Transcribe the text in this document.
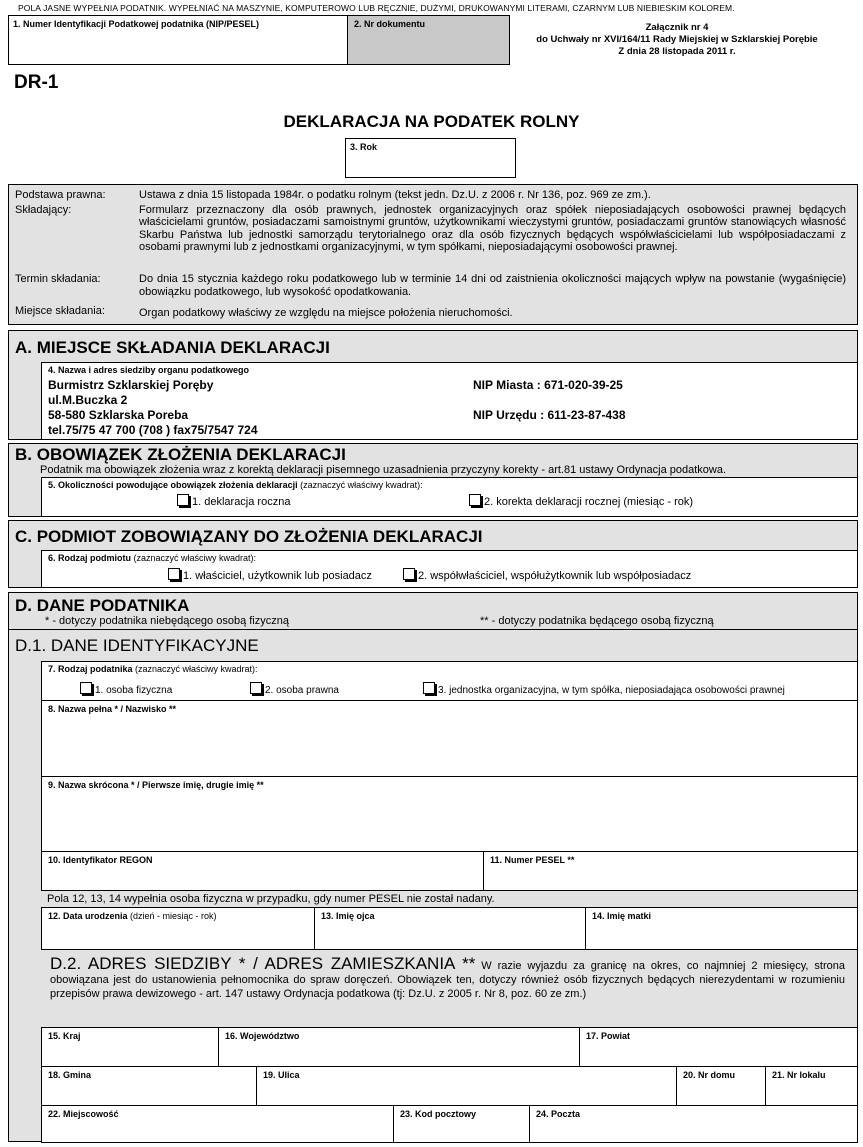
POLA JASNE WYPEŁNIA PODATNIK. WYPEŁNIAĆ NA MASZYNIE, KOMPUTEROWO LUB RĘCZNIE, DUŻYMI, DRUKOWANYMI LITERAMI, CZARNYM LUB NIEBIESKIM KOLOREM.
1. Numer Identyfikacji Podatkowej podatnika (NIP/PESEL)	2. Nr dokumentu	Załącznik nr 4
do Uchwały nr XVI/164/11 Rady Miejskiej w Szklarskiej Porębie
Z dnia 28 listopada 2011 r.
DR-1
DEKLARACJA NA PODATEK ROLNY
3. Rok
Podstawa prawna:	Ustawa z dnia 15 listopada 1984r. o podatku rolnym (tekst jedn. Dz.U. z 2006 r. Nr 136, poz. 969 ze zm.).
Składający:	Formularz przeznaczony dla osób prawnych, jednostek organizacyjnych oraz spółek nieposiadających osobowości prawnej będących właścicielami gruntów, posiadaczami samoistnymi gruntów, użytkownikami wieczystymi gruntów, posiadaczami gruntów stanowiących własność Skarbu Państwa lub jednostki samorządu terytorialnego oraz dla osób fizycznych będących współwłaścicielami lub współposiadaczami z osobami prawnymi lub z jednostkami organizacyjnymi, w tym spółkami, nieposiadającymi osobowości prawnej.
Termin składania:	Do dnia 15 stycznia każdego roku podatkowego lub w terminie 14 dni od zaistnienia okoliczności mających wpływ na powstanie (wygaśnięcie) obowiązku podatkowego, lub wysokość opodatkowania.
Miejsce składania:	Organ podatkowy właściwy ze względu na miejsce położenia nieruchomości.
A. MIEJSCE SKŁADANIA DEKLARACJI
4. Nazwa i adres siedziby organu podatkowego
Burmistrz Szklarskiej Poręby
ul.M.Buczka 2
58-580 Szklarska Poreba
tel.75/75 47 700 (708 ) fax75/7547 724
NIP Miasta : 671-020-39-25
NIP Urzędu : 611-23-87-438
B. OBOWIĄZEK ZŁOŻENIA DEKLARACJI
Podatnik ma obowiązek złożenia wraz z korektą deklaracji pisemnego uzasadnienia przyczyny korekty - art.81 ustawy Ordynacja podatkowa.
5. Okoliczności powodujące obowiązek złożenia deklaracji (zaznaczyć właściwy kwadrat):
1. deklaracja roczna	2. korekta deklaracji rocznej (miesiąc - rok)
C. PODMIOT ZOBOWIĄZANY DO ZŁOŻENIA DEKLARACJI
6. Rodzaj podmiotu (zaznaczyć właściwy kwadrat):
1. właściciel, użytkownik lub posiadacz	2. współwłaściciel, współużytkownik lub współposiadacz
D. DANE PODATNIKA
* - dotyczy podatnika niebędącego osobą fizyczną	** - dotyczy podatnika będącego osobą fizyczną
D.1. DANE IDENTYFIKACYJNE
7. Rodzaj podatnika (zaznaczyć właściwy kwadrat):
1. osoba fizyczna	2. osoba prawna	3. jednostka organizacyjna, w tym spółka, nieposiadająca osobowości prawnej
8. Nazwa pełna * / Nazwisko **
9. Nazwa skrócona * / Pierwsze imię, drugie imię **
10. Identyfikator REGON	11. Numer PESEL **
Pola 12, 13, 14 wypełnia osoba fizyczna w przypadku, gdy numer PESEL nie został nadany.
12. Data urodzenia (dzień - miesiąc - rok)	13. Imię ojca	14. Imię matki
D.2. ADRES SIEDZIBY * / ADRES ZAMIESZKANIA ** W razie wyjazdu za granicę na okres, co najmniej 2 miesięcy, strona obowiązana jest do ustanowienia pełnomocnika do spraw doręczeń. Obowiązek ten, dotyczy również osób fizycznych będących nierezydentami w rozumieniu przepisów prawa dewizowego - art. 147 ustawy Ordynacja podatkowa (tj: Dz.U. z 2005 r. Nr 8, poz. 60 ze zm.)
15. Kraj	16. Województwo	17. Powiat
18. Gmina	19. Ulica	20. Nr domu	21. Nr lokalu
22. Miejscowość	23. Kod pocztowy	24. Poczta
